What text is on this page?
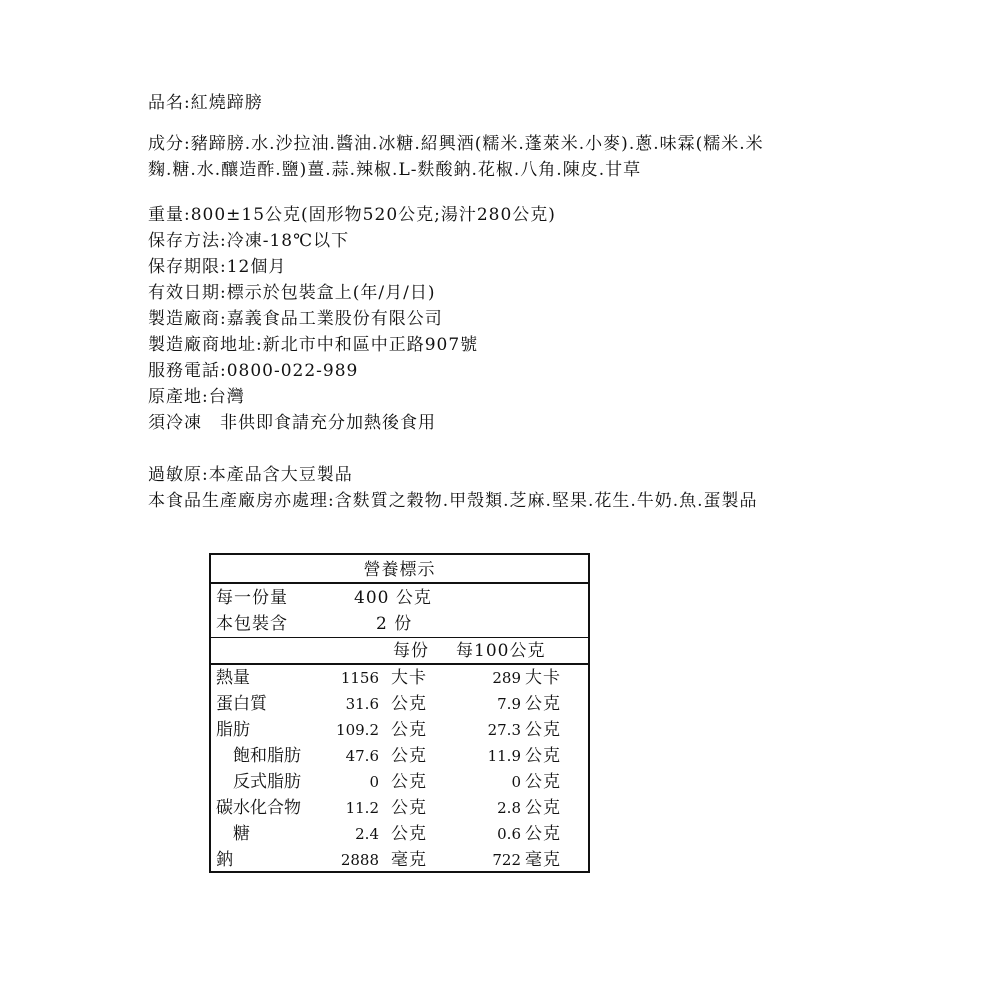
品名:紅燒蹄膀
成分:豬蹄膀.水.沙拉油.醬油.冰糖.紹興酒(糯米.蓬萊米.小麥).蔥.味霖(糯米.米
麴.糖.水.釀造酢.鹽)薑.蒜.辣椒.L-麩酸鈉.花椒.八角.陳皮.甘草
重量:800±15公克(固形物520公克;湯汁280公克)
保存方法:冷凍-18℃以下
保存期限:12個月
有效日期:標示於包裝盒上(年/月/日)
製造廠商:嘉義食品工業股份有限公司
製造廠商地址:新北市中和區中正路907號
服務電話:0800-022-989
原產地:台灣
須冷凍　非供即食請充分加熱後食用
過敏原:本產品含大豆製品
本食品生產廠房亦處理:含麩質之穀物.甲殼類.芝麻.堅果.花生.牛奶.魚.蛋製品
營養標示
每一份量	400 公克
本包裝含	2 份
每份 每100公克
熱量	1156 大卡	289 大卡
蛋白質	31.6 公克	7.9 公克
脂肪	109.2 公克	27.3 公克
飽和脂肪	47.6 公克	11.9 公克
反式脂肪	0 公克	0 公克
碳水化合物	11.2 公克	2.8 公克
糖	2.4 公克	0.6 公克
鈉	2888 毫克	722 毫克
